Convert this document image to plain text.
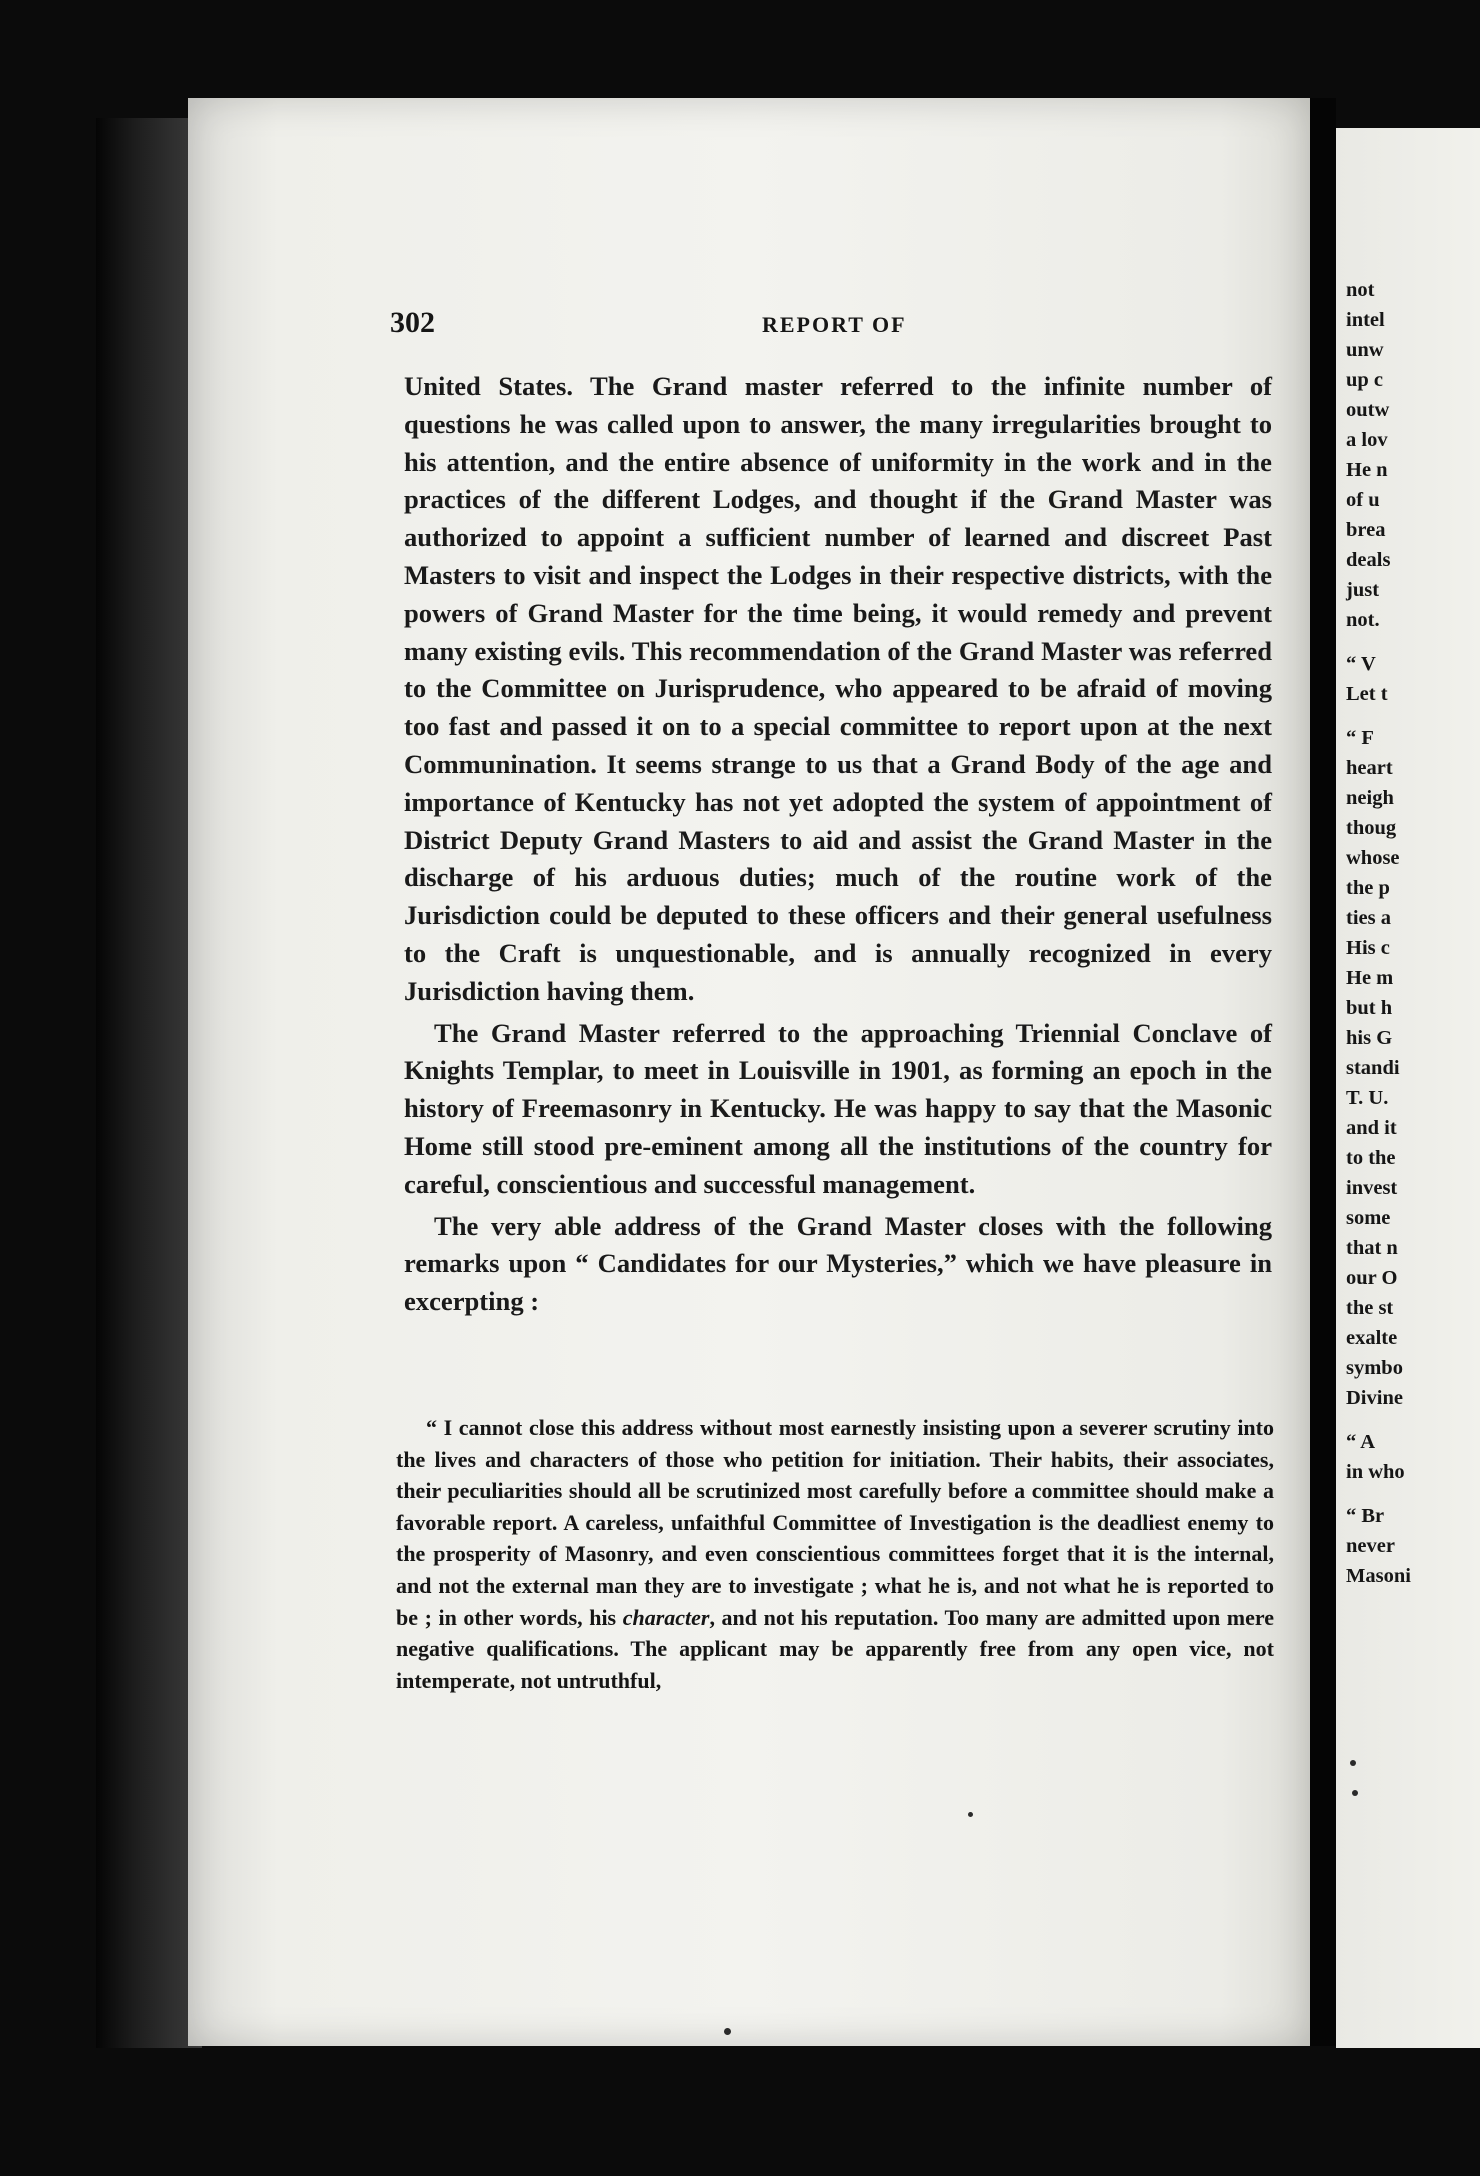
not
intel
unw
up c
outw
a lov
He n
of u
brea
deals
just
not.
“ V
Let t
“ F
heart
neigh
thoug
whose
the p
ties a
His c
He m
but h
his G
standi
T. U.
and it
to the
invest
some
that n
our O
the st
exalte
symbo
Divine
“ A
in who
“ Br
never
Masoni
302	REPORT OF

United States. The Grand master referred to the infinite number of questions he was called upon to answer, the many irregularities brought to his attention, and the entire absence of uniformity in the work and in the practices of the different Lodges, and thought if the Grand Master was authorized to appoint a sufficient number of learned and discreet Past Masters to visit and inspect the Lodges in their respective districts, with the powers of Grand Master for the time being, it would remedy and prevent many existing evils. This recommendation of the Grand Master was referred to the Committee on Jurisprudence, who appeared to be afraid of moving too fast and passed it on to a special committee to report upon at the next Communination. It seems strange to us that a Grand Body of the age and importance of Kentucky has not yet adopted the system of appointment of District Deputy Grand Masters to aid and assist the Grand Master in the discharge of his arduous duties; much of the routine work of the Jurisdiction could be deputed to these officers and their general usefulness to the Craft is unquestionable, and is annually recognized in every Jurisdiction having them.

The Grand Master referred to the approaching Triennial Conclave of Knights Templar, to meet in Louisville in 1901, as forming an epoch in the history of Freemasonry in Kentucky. He was happy to say that the Masonic Home still stood pre-eminent among all the institutions of the country for careful, conscientious and successful management.

The very able address of the Grand Master closes with the following remarks upon “ Candidates for our Mysteries,” which we have pleasure in excerpting :

“ I cannot close this address without most earnestly insisting upon a severer scrutiny into the lives and characters of those who petition for initiation. Their habits, their associates, their peculiarities should all be scrutinized most carefully before a committee should make a favorable report. A careless, unfaithful Committee of Investigation is the deadliest enemy to the prosperity of Masonry, and even conscientious committees forget that it is the internal, and not the external man they are to investigate ; what he is, and not what he is reported to be ; in other words, his character, and not his reputation. Too many are admitted upon mere negative qualifications. The applicant may be apparently free from any open vice, not intemperate, not untruthful,
